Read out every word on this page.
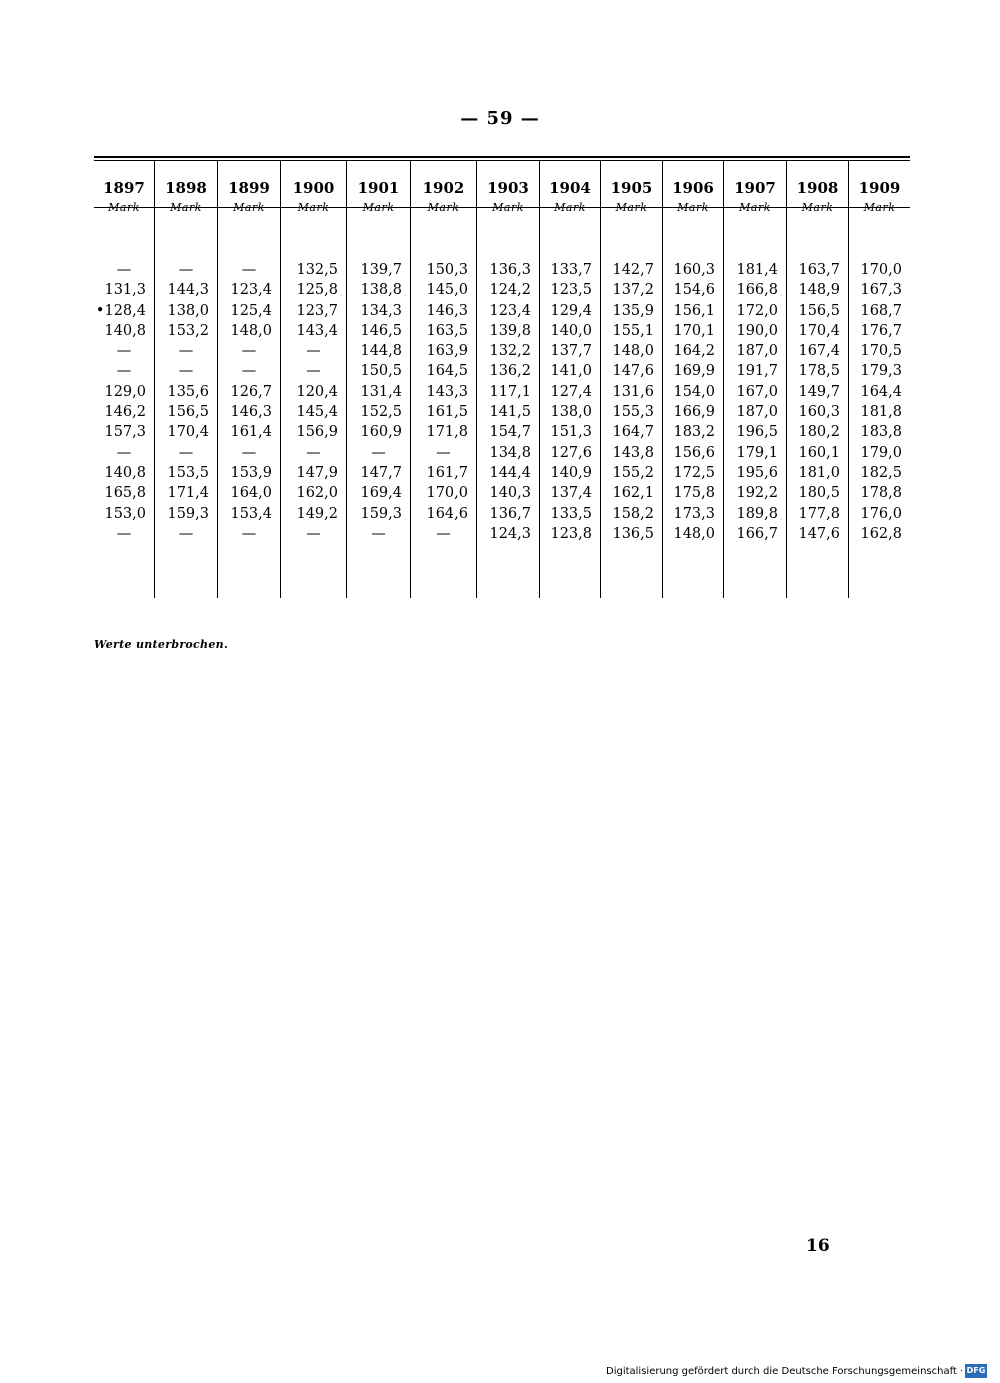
— 59 —
1897
Mark
1898
Mark
1899
Mark
1900
Mark
1901
Mark
1902
Mark
1903
Mark
1904
Mark
1905
Mark
1906
Mark
1907
Mark
1908
Mark
1909
Mark
—
131,3
•128,4
140,8
—
—
129,0
146,2
157,3
—
140,8
165,8
153,0
—
—
144,3
138,0
153,2
—
—
135,6
156,5
170,4
—
153,5
171,4
159,3
—
—
123,4
125,4
148,0
—
—
126,7
146,3
161,4
—
153,9
164,0
153,4
—
132,5
125,8
123,7
143,4
—
—
120,4
145,4
156,9
—
147,9
162,0
149,2
—
139,7
138,8
134,3
146,5
144,8
150,5
131,4
152,5
160,9
—
147,7
169,4
159,3
—
150,3
145,0
146,3
163,5
163,9
164,5
143,3
161,5
171,8
—
161,7
170,0
164,6
—
136,3
124,2
123,4
139,8
132,2
136,2
117,1
141,5
154,7
134,8
144,4
140,3
136,7
124,3
133,7
123,5
129,4
140,0
137,7
141,0
127,4
138,0
151,3
127,6
140,9
137,4
133,5
123,8
142,7
137,2
135,9
155,1
148,0
147,6
131,6
155,3
164,7
143,8
155,2
162,1
158,2
136,5
160,3
154,6
156,1
170,1
164,2
169,9
154,0
166,9
183,2
156,6
172,5
175,8
173,3
148,0
181,4
166,8
172,0
190,0
187,0
191,7
167,0
187,0
196,5
179,1
195,6
192,2
189,8
166,7
163,7
148,9
156,5
170,4
167,4
178,5
149,7
160,3
180,2
160,1
181,0
180,5
177,8
147,6
170,0
167,3
168,7
176,7
170,5
179,3
164,4
181,8
183,8
179,0
182,5
178,8
176,0
162,8
Werte unterbrochen.
16
Digitalisierung gefördert durch die Deutsche Forschungsgemeinschaft · DFG
